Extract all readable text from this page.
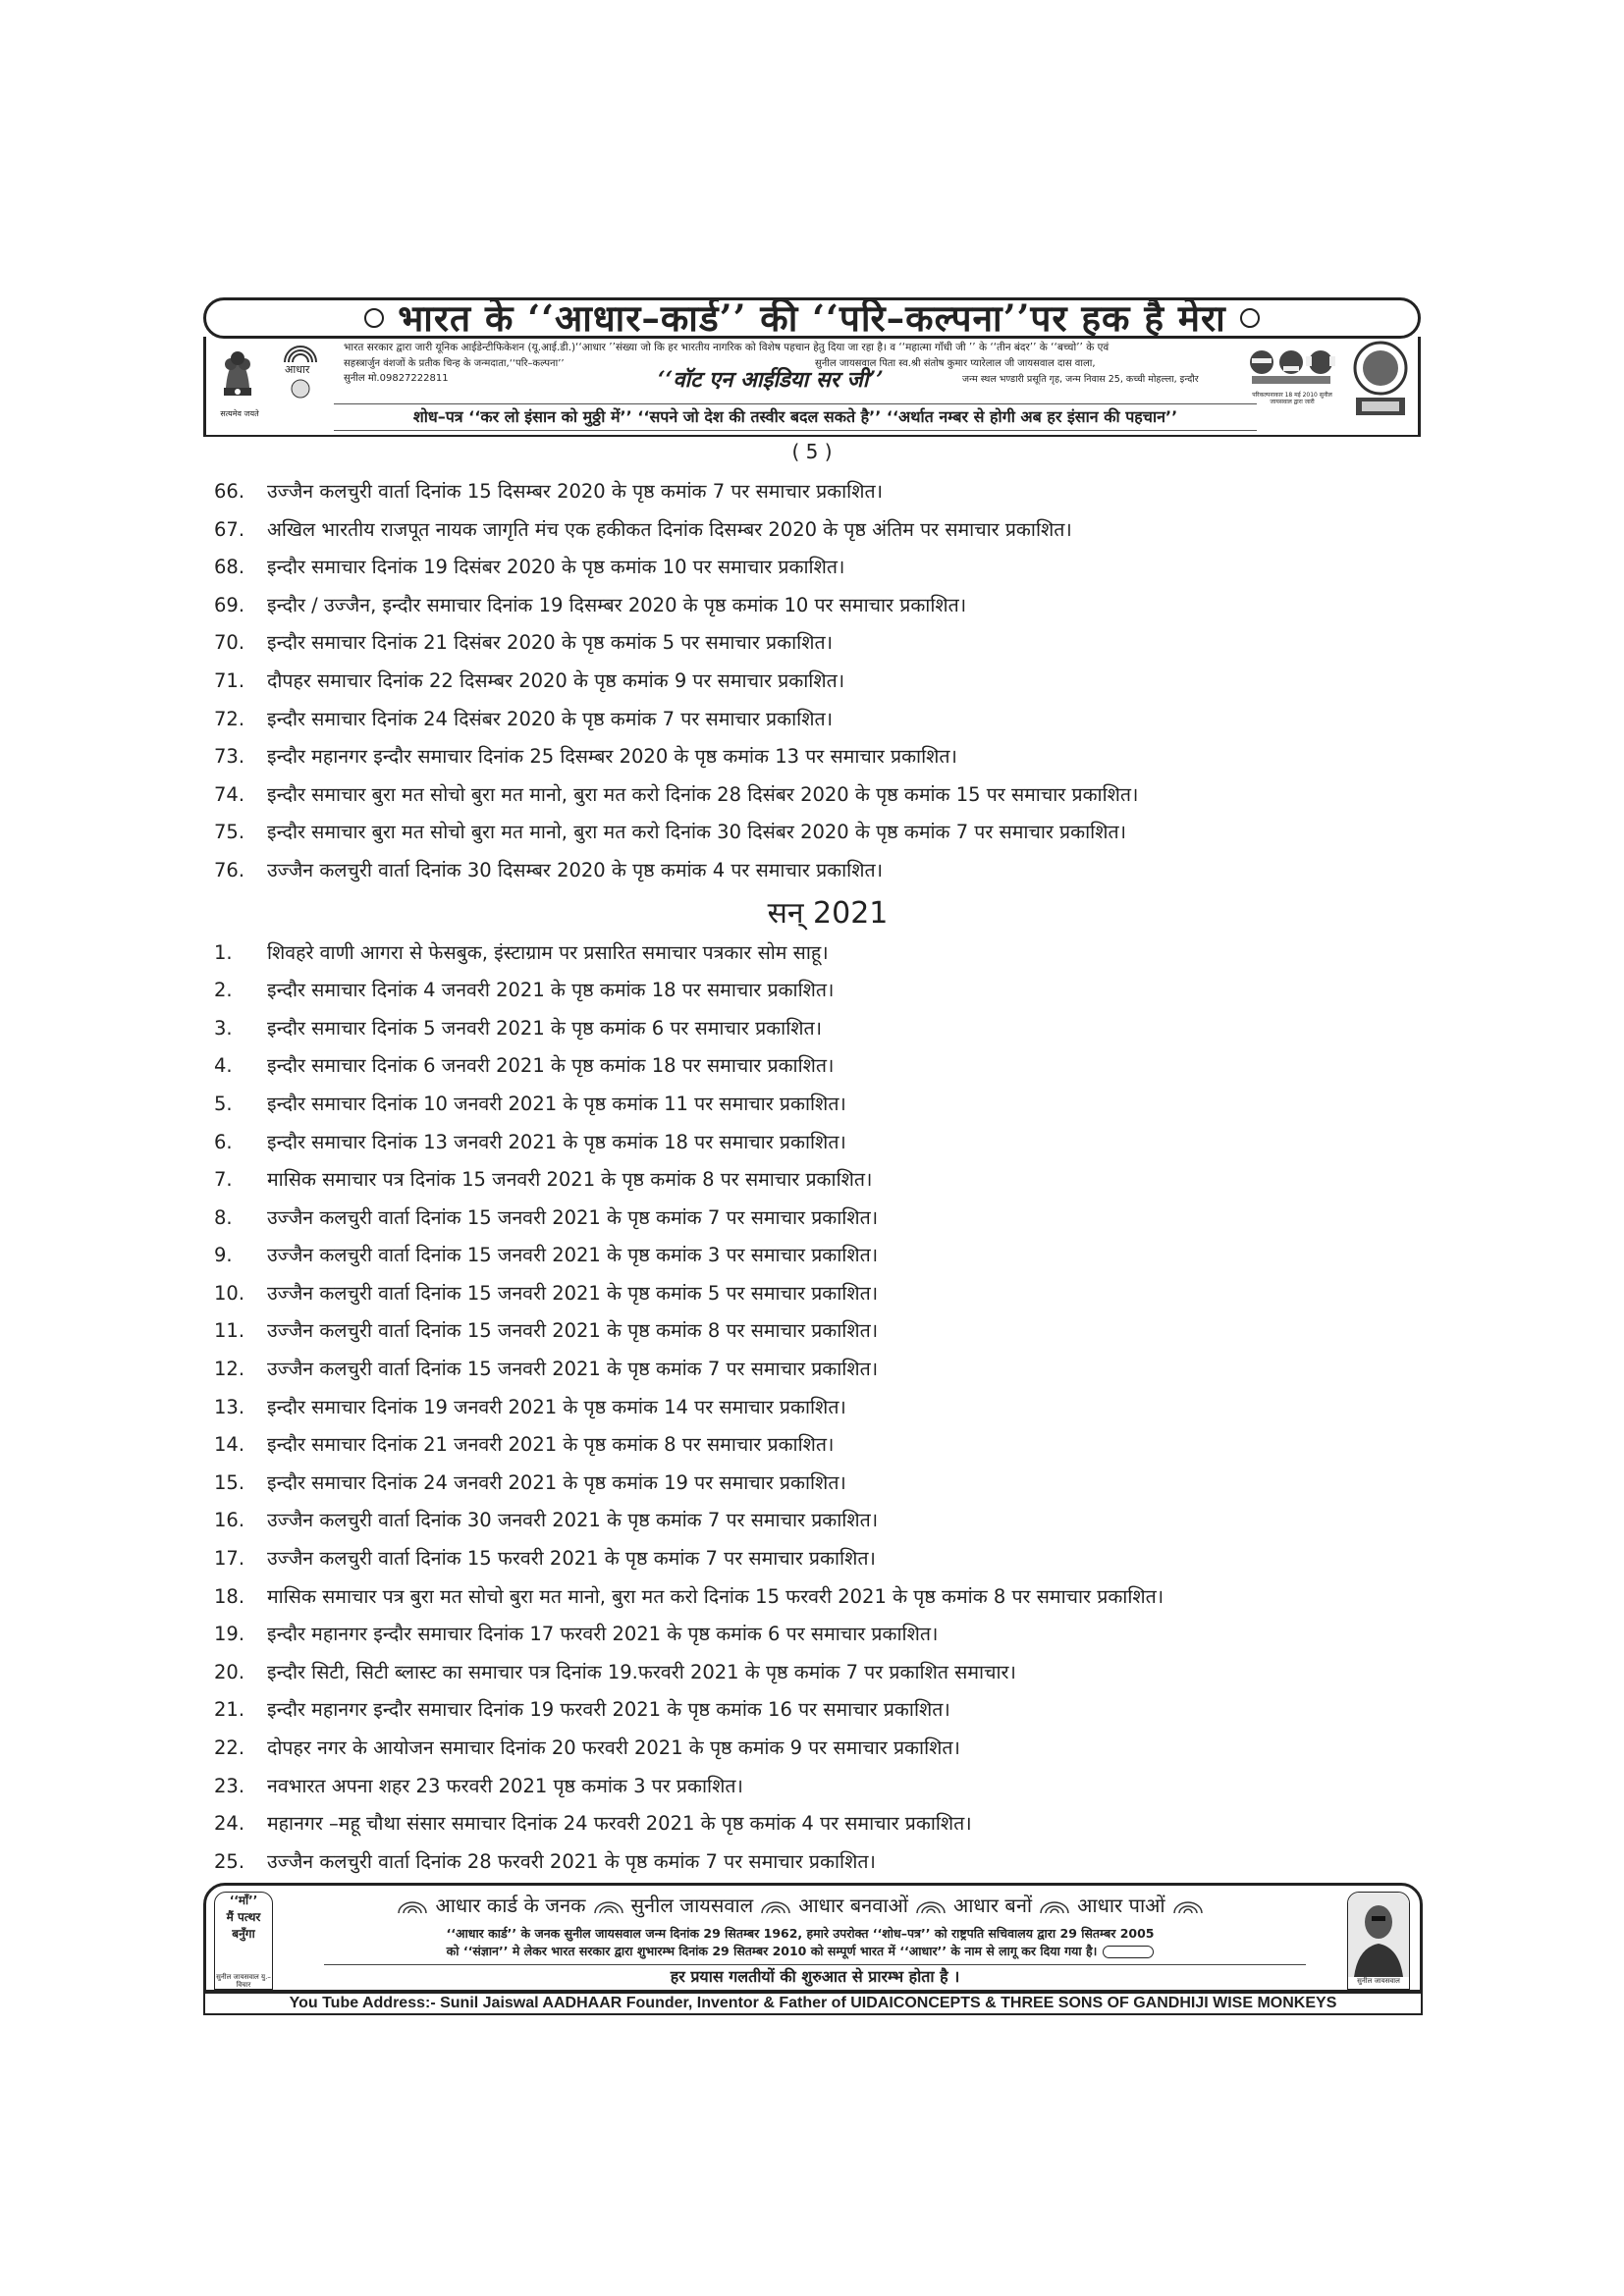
भारत के ‘‘आधार–कार्ड’’ की ‘‘परि–कल्पना’’पर हक है मेरा
सत्यमेव जयते
आधार
भारत सरकार द्वारा जारी यूनिक आईडेन्टीफिकेशन (यू.आई.डी.)‘‘आधार ’’संख्या जो कि हर भारतीय नागरिक को विशेष पहचान हेतु दिया जा रहा है। व ‘‘महात्मा गाँधी जी ’’ के ‘‘तीन बंदर’’ के ‘‘बच्चो’’ के एवं
सहस्त्रार्जुन वंशजों के प्रतीक चिन्ह के जन्मदाता,‘‘परि–कल्पना’’	सुनील जायसवाल पिता स्व.श्री संतोष कुमार प्यारेलाल जी जायसवाल दास वाला,
सुनील मो.09827222811	‘‘वॉट एन आईडिया सर जी’’	जन्म स्थल भण्डारी प्रसूति गृह, जन्म निवास 25, कच्ची मोहल्ला, इन्दौर
परिकल्पनाकार 18 मई 2010 सुनील जायसवाल द्वारा जारी
शोध–पत्र ‘‘कर लो इंसान को मुठ्ठी में’’ ‘‘सपने जो देश की तस्वीर बदल सकते है’’ ‘‘अर्थात नम्बर से होगी अब हर इंसान की पहचान’’
( 5 )
66. उज्जैन कलचुरी वार्ता दिनांक 15 दिसम्बर 2020 के पृष्ठ कमांक 7 पर समाचार प्रकाशित।
67. अखिल भारतीय राजपूत नायक जागृति मंच एक हकीकत दिनांक दिसम्बर 2020 के पृष्ठ अंतिम पर समाचार प्रकाशित।
68. इन्दौर समाचार दिनांक 19 दिसंबर 2020 के पृष्ठ कमांक 10 पर समाचार प्रकाशित।
69. इन्दौर / उज्जैन, इन्दौर समाचार दिनांक 19 दिसम्बर 2020 के पृष्ठ कमांक 10 पर समाचार प्रकाशित।
70. इन्दौर समाचार दिनांक 21 दिसंबर 2020 के पृष्ठ कमांक 5 पर समाचार प्रकाशित।
71. दौपहर समाचार दिनांक 22 दिसम्बर 2020 के पृष्ठ कमांक 9 पर समाचार प्रकाशित।
72. इन्दौर समाचार दिनांक 24 दिसंबर 2020 के पृष्ठ कमांक 7 पर समाचार प्रकाशित।
73. इन्दौर महानगर इन्दौर समाचार दिनांक 25 दिसम्बर 2020 के पृष्ठ कमांक 13 पर समाचार प्रकाशित।
74. इन्दौर समाचार बुरा मत सोचो बुरा मत मानो, बुरा मत करो दिनांक 28 दिसंबर 2020 के पृष्ठ कमांक 15 पर समाचार प्रकाशित।
75. इन्दौर समाचार बुरा मत सोचो बुरा मत मानो, बुरा मत करो दिनांक 30 दिसंबर 2020 के पृष्ठ कमांक 7 पर समाचार प्रकाशित।
76. उज्जैन कलचुरी वार्ता दिनांक 30 दिसम्बर 2020 के पृष्ठ कमांक 4 पर समाचार प्रकाशित।
सन् 2021
1. शिवहरे वाणी आगरा से फेसबुक, इंस्टाग्राम पर प्रसारित समाचार पत्रकार सोम साहू।
2. इन्दौर समाचार दिनांक 4 जनवरी 2021 के पृष्ठ कमांक 18 पर समाचार प्रकाशित।
3. इन्दौर समाचार दिनांक 5 जनवरी 2021 के पृष्ठ कमांक 6 पर समाचार प्रकाशित।
4. इन्दौर समाचार दिनांक 6 जनवरी 2021 के पृष्ठ कमांक 18 पर समाचार प्रकाशित।
5. इन्दौर समाचार दिनांक 10 जनवरी 2021 के पृष्ठ कमांक 11 पर समाचार प्रकाशित।
6. इन्दौर समाचार दिनांक 13 जनवरी 2021 के पृष्ठ कमांक 18 पर समाचार प्रकाशित।
7. मासिक समाचार पत्र दिनांक 15 जनवरी 2021 के पृष्ठ कमांक 8 पर समाचार प्रकाशित।
8. उज्जैन कलचुरी वार्ता दिनांक 15 जनवरी 2021 के पृष्ठ कमांक 7 पर समाचार प्रकाशित।
9. उज्जैन कलचुरी वार्ता दिनांक 15 जनवरी 2021 के पृष्ठ कमांक 3 पर समाचार प्रकाशित।
10. उज्जैन कलचुरी वार्ता दिनांक 15 जनवरी 2021 के पृष्ठ कमांक 5 पर समाचार प्रकाशित।
11. उज्जैन कलचुरी वार्ता दिनांक 15 जनवरी 2021 के पृष्ठ कमांक 8 पर समाचार प्रकाशित।
12. उज्जैन कलचुरी वार्ता दिनांक 15 जनवरी 2021 के पृष्ठ कमांक 7 पर समाचार प्रकाशित।
13. इन्दौर समाचार दिनांक 19 जनवरी 2021 के पृष्ठ कमांक 14 पर समाचार प्रकाशित।
14. इन्दौर समाचार दिनांक 21 जनवरी 2021 के पृष्ठ कमांक 8 पर समाचार प्रकाशित।
15. इन्दौर समाचार दिनांक 24 जनवरी 2021 के पृष्ठ कमांक 19 पर समाचार प्रकाशित।
16. उज्जैन कलचुरी वार्ता दिनांक 30 जनवरी 2021 के पृष्ठ कमांक 7 पर समाचार प्रकाशित।
17. उज्जैन कलचुरी वार्ता दिनांक 15 फरवरी 2021 के पृष्ठ कमांक 7 पर समाचार प्रकाशित।
18. मासिक समाचार पत्र बुरा मत सोचो बुरा मत मानो, बुरा मत करो दिनांक 15 फरवरी 2021 के पृष्ठ कमांक 8 पर समाचार प्रकाशित।
19. इन्दौर महानगर इन्दौर समाचार दिनांक 17 फरवरी 2021 के पृष्ठ कमांक 6 पर समाचार प्रकाशित।
20. इन्दौर सिटी, सिटी ब्लास्ट का समाचार पत्र दिनांक 19.फरवरी 2021 के पृष्ठ कमांक 7 पर प्रकाशित समाचार।
21. इन्दौर महानगर इन्दौर समाचार दिनांक 19 फरवरी 2021 के पृष्ठ कमांक 16 पर समाचार प्रकाशित।
22. दोपहर नगर के आयोजन समाचार दिनांक 20 फरवरी 2021 के पृष्ठ कमांक 9 पर समाचार प्रकाशित।
23. नवभारत अपना शहर 23 फरवरी 2021 पृष्ठ कमांक 3 पर प्रकाशित।
24. महानगर –महू चौथा संसार समाचार दिनांक 24 फरवरी 2021 के पृष्ठ कमांक 4 पर समाचार प्रकाशित।
25. उज्जैन कलचुरी वार्ता दिनांक 28 फरवरी 2021 के पृष्ठ कमांक 7 पर समाचार प्रकाशित।
‘‘माँ’’
मैं पत्थर
बनुँगा
सुनील जायसवाल यु.–विचार
आधार कार्ड के जनक सुनील जायसवाल आधार बनवाओं आधार बनों आधार पाओं
‘‘आधार कार्ड’’ के जनक सुनील जायसवाल जन्म दिनांक 29 सितम्बर 1962, हमारे उपरोक्त ‘‘शोध–पत्र’’ को राष्ट्रपति सचिवालय द्वारा 29 सितम्बर 2005
को ‘‘संज्ञान’’ मे लेकर भारत सरकार द्वारा शुभारम्भ दिनांक 29 सितम्बर 2010 को सम्पूर्ण भारत में ‘‘आधार’’ के नाम से लागू कर दिया गया है।
हर प्रयास गलतीयों की शुरुआत से प्रारम्भ होता है ।	सुनील जायसवाल
You Tube Address:- Sunil Jaiswal AADHAAR Founder, Inventor & Father of UIDAICONCEPTS & THREE SONS OF GANDHIJI WISE MONKEYS
